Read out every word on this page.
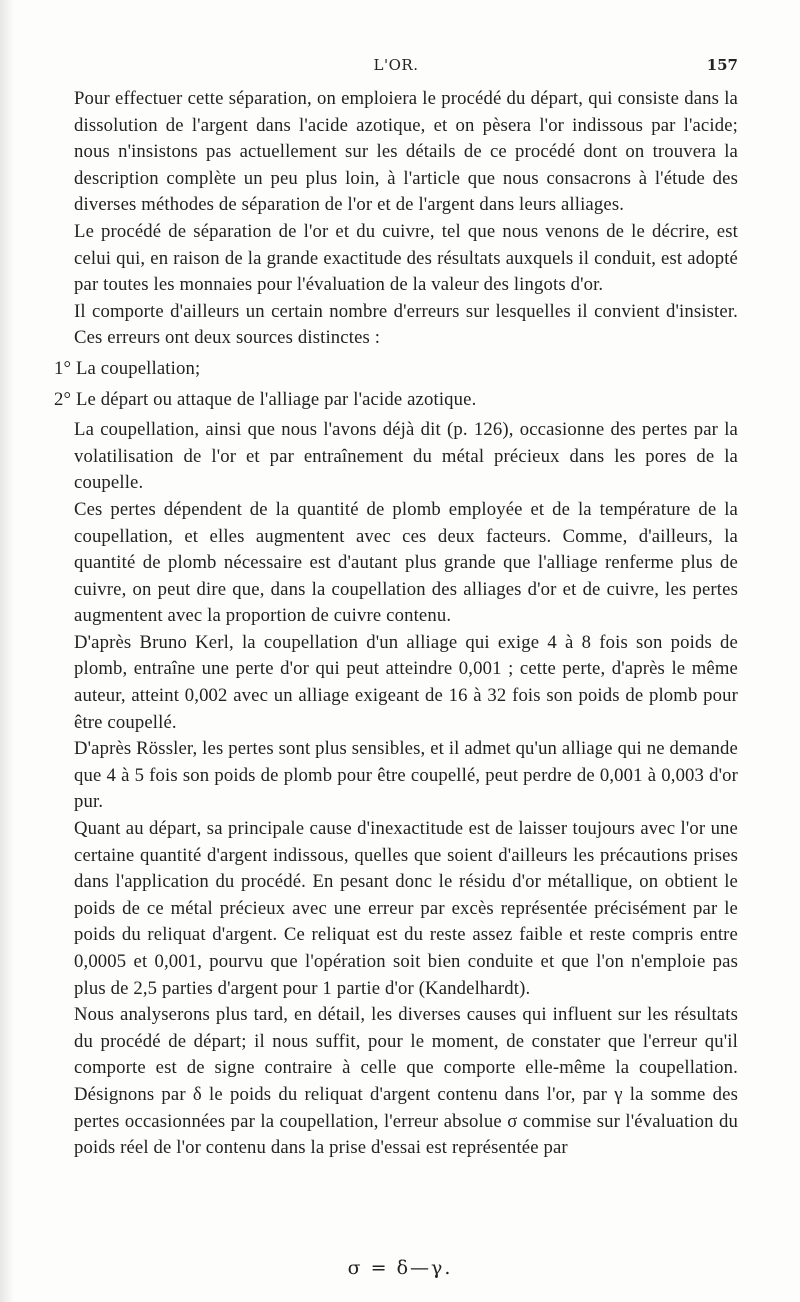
L'OR.	157

Pour effectuer cette séparation, on emploiera le procédé du départ, qui consiste dans la dissolution de l'argent dans l'acide azotique, et on pèsera l'or indissous par l'acide; nous n'insistons pas actuellement sur les détails de ce procédé dont on trouvera la description complète un peu plus loin, à l'article que nous consacrons à l'étude des diverses méthodes de séparation de l'or et de l'argent dans leurs alliages.

Le procédé de séparation de l'or et du cuivre, tel que nous venons de le décrire, est celui qui, en raison de la grande exactitude des résultats auxquels il conduit, est adopté par toutes les monnaies pour l'évaluation de la valeur des lingots d'or.

Il comporte d'ailleurs un certain nombre d'erreurs sur lesquelles il convient d'insister. Ces erreurs ont deux sources distinctes :

1° La coupellation;

2° Le départ ou attaque de l'alliage par l'acide azotique.

La coupellation, ainsi que nous l'avons déjà dit (p. 126), occasionne des pertes par la volatilisation de l'or et par entraînement du métal précieux dans les pores de la coupelle.

Ces pertes dépendent de la quantité de plomb employée et de la température de la coupellation, et elles augmentent avec ces deux facteurs. Comme, d'ailleurs, la quantité de plomb nécessaire est d'autant plus grande que l'alliage renferme plus de cuivre, on peut dire que, dans la coupellation des alliages d'or et de cuivre, les pertes augmentent avec la proportion de cuivre contenu.

D'après Bruno Kerl, la coupellation d'un alliage qui exige 4 à 8 fois son poids de plomb, entraîne une perte d'or qui peut atteindre 0,001 ; cette perte, d'après le même auteur, atteint 0,002 avec un alliage exigeant de 16 à 32 fois son poids de plomb pour être coupellé.

D'après Rössler, les pertes sont plus sensibles, et il admet qu'un alliage qui ne demande que 4 à 5 fois son poids de plomb pour être coupellé, peut perdre de 0,001 à 0,003 d'or pur.

Quant au départ, sa principale cause d'inexactitude est de laisser toujours avec l'or une certaine quantité d'argent indissous, quelles que soient d'ailleurs les précautions prises dans l'application du procédé. En pesant donc le résidu d'or métallique, on obtient le poids de ce métal précieux avec une erreur par excès représentée précisément par le poids du reliquat d'argent. Ce reliquat est du reste assez faible et reste compris entre 0,0005 et 0,001, pourvu que l'opération soit bien conduite et que l'on n'emploie pas plus de 2,5 parties d'argent pour 1 partie d'or (Kandelhardt).

Nous analyserons plus tard, en détail, les diverses causes qui influent sur les résultats du procédé de départ; il nous suffit, pour le moment, de constater que l'erreur qu'il comporte est de signe contraire à celle que comporte elle-même la coupellation. Désignons par δ le poids du reliquat d'argent contenu dans l'or, par γ la somme des pertes occasionnées par la coupellation, l'erreur absolue σ commise sur l'évaluation du poids réel de l'or contenu dans la prise d'essai est représentée par

σ = δ—γ.
